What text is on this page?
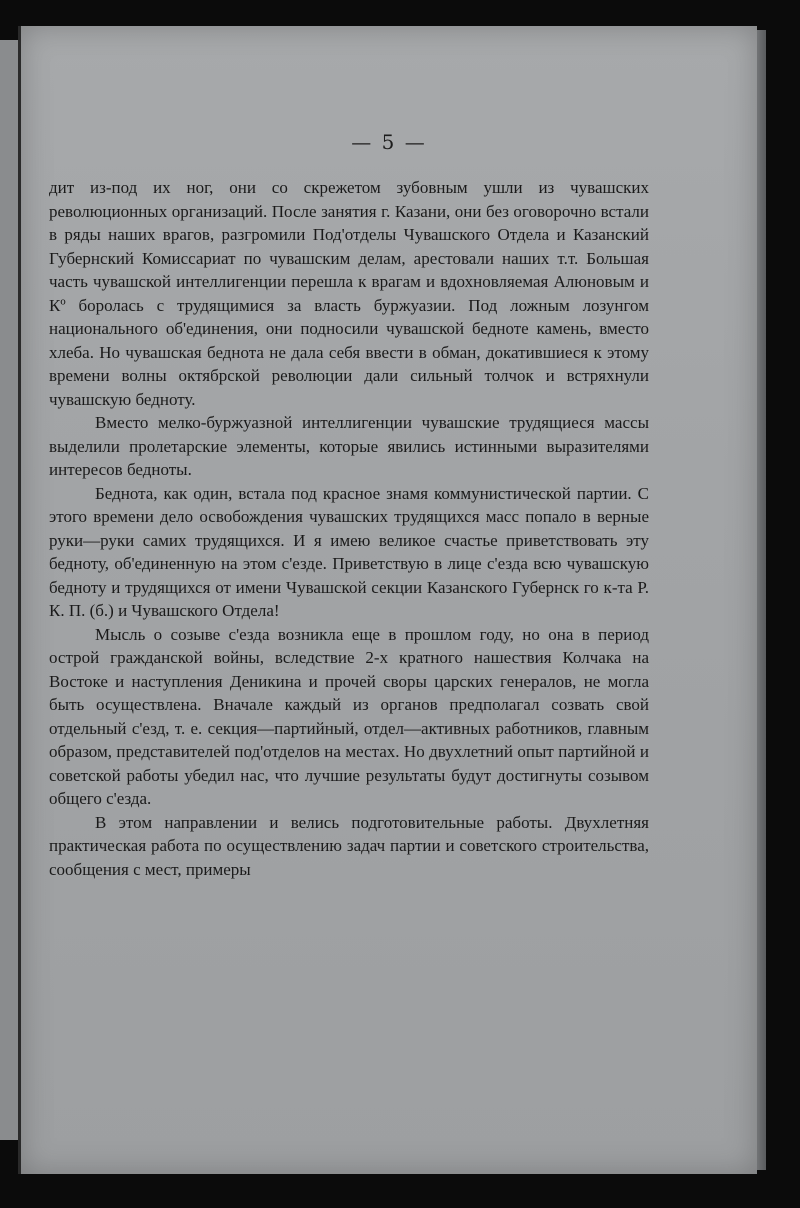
— 5 —

дит из-под их ног, они со скрежетом зубовным ушли из чувашских революционных организаций. После занятия г. Казани, они без оговорочно встали в ряды наших врагов, разгромили Под'отделы Чувашского Отдела и Казанский Губернский Комиссариат по чувашским делам, арестовали наших т.т. Большая часть чувашской интеллигенции перешла к врагам и вдохновляемая Алюновым и Кº боролась с трудящимися за власть буржуазии. Под ложным лозунгом национального об'единения, они подносили чувашской бедноте камень, вместо хлеба. Но чувашская беднота не дала себя ввести в обман, докатившиеся к этому времени волны октябрской революции дали сильный толчок и встряхнули чувашскую бедноту.

Вместо мелко-буржуазной интеллигенции чувашские трудящиеся массы выделили пролетарские элементы, которые явились истинными выразителями интересов бедноты.

Беднота, как один, встала под красное знамя коммунистической партии. С этого времени дело освобождения чувашских трудящихся масс попало в верные руки—руки самих трудящихся. И я имею великое счастье приветствовать эту бедноту, об'единенную на этом с'езде. Приветствую в лице с'езда всю чувашскую бедноту и трудящихся от имени Чувашской секции Казанского Губернск го к-та Р. К. П. (б.) и Чувашского Отдела!

Мысль о созыве с'езда возникла еще в прошлом году, но она в период острой гражданской войны, вследствие 2-х кратного нашествия Колчака на Востоке и наступления Деникина и прочей своры царских генералов, не могла быть осуществлена. Вначале каждый из органов предполагал созвать свой отдельный с'езд, т. е. секция—партийный, отдел—активных работников, главным образом, представителей под'отделов на местах. Но двухлетний опыт партийной и советской работы убедил нас, что лучшие результаты будут достигнуты созывом общего с'езда.

В этом направлении и велись подготовительные работы. Двухлетняя практическая работа по осуществлению задач партии и советского строительства, сообщения с мест, примеры
